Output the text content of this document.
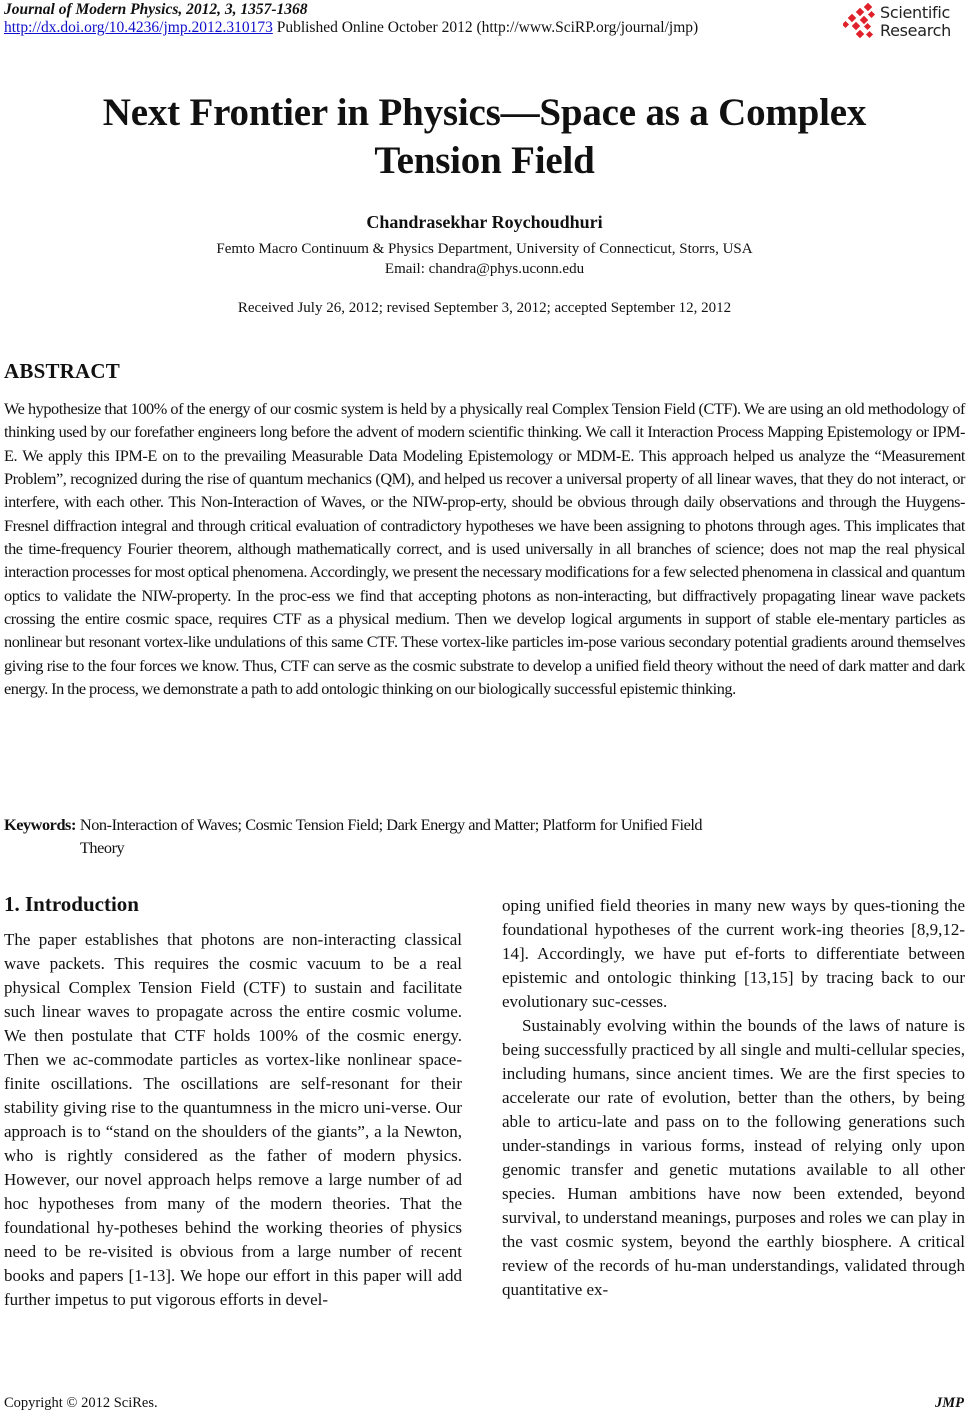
Journal of Modern Physics, 2012, 3, 1357-1368
http://dx.doi.org/10.4236/jmp.2012.310173 Published Online October 2012 (http://www.SciRP.org/journal/jmp)
Scientific
Research
Next Frontier in Physics—Space as a Complex
Tension Field
Chandrasekhar Roychoudhuri
Femto Macro Continuum & Physics Department, University of Connecticut, Storrs, USA
Email: chandra@phys.uconn.edu
Received July 26, 2012; revised September 3, 2012; accepted September 12, 2012
ABSTRACT
We hypothesize that 100% of the energy of our cosmic system is held by a physically real Complex Tension Field (CTF). We are using an old methodology of thinking used by our forefather engineers long before the advent of modern scientific thinking. We call it Interaction Process Mapping Epistemology or IPM-E. We apply this IPM-E on to the prevailing Measurable Data Modeling Epistemology or MDM-E. This approach helped us analyze the “Measurement Problem”, recognized during the rise of quantum mechanics (QM), and helped us recover a universal property of all linear waves, that they do not interact, or interfere, with each other. This Non-Interaction of Waves, or the NIW-prop-erty, should be obvious through daily observations and through the Huygens-Fresnel diffraction integral and through critical evaluation of contradictory hypotheses we have been assigning to photons through ages. This implicates that the time-frequency Fourier theorem, although mathematically correct, and is used universally in all branches of science; does not map the real physical interaction processes for most optical phenomena. Accordingly, we present the necessary modifications for a few selected phenomena in classical and quantum optics to validate the NIW-property. In the proc-ess we find that accepting photons as non-interacting, but diffractively propagating linear wave packets crossing the entire cosmic space, requires CTF as a physical medium. Then we develop logical arguments in support of stable ele-mentary particles as nonlinear but resonant vortex-like undulations of this same CTF. These vortex-like particles im-pose various secondary potential gradients around themselves giving rise to the four forces we know. Thus, CTF can serve as the cosmic substrate to develop a unified field theory without the need of dark matter and dark energy. In the process, we demonstrate a path to add ontologic thinking on our biologically successful epistemic thinking.
Keywords: Non-Interaction of Waves; Cosmic Tension Field; Dark Energy and Matter; Platform for Unified Field
Theory
1. Introduction

The paper establishes that photons are non-interacting classical wave packets. This requires the cosmic vacuum to be a real physical Complex Tension Field (CTF) to sustain and facilitate such linear waves to propagate across the entire cosmic volume. We then postulate that CTF holds 100% of the cosmic energy. Then we ac-commodate particles as vortex-like nonlinear space-finite oscillations. The oscillations are self-resonant for their stability giving rise to the quantumness in the micro uni-verse. Our approach is to “stand on the shoulders of the giants”, a la Newton, who is rightly considered as the father of modern physics. However, our novel approach helps remove a large number of ad hoc hypotheses from many of the modern theories. That the foundational hy-potheses behind the working theories of physics need to be re-visited is obvious from a large number of recent books and papers [1-13]. We hope our effort in this paper will add further impetus to put vigorous efforts in devel-

oping unified field theories in many new ways by ques-tioning the foundational hypotheses of the current work-ing theories [8,9,12-14]. Accordingly, we have put ef-forts to differentiate between epistemic and ontologic thinking [13,15] by tracing back to our evolutionary suc-cesses.

Sustainably evolving within the bounds of the laws of nature is being successfully practiced by all single and multi-cellular species, including humans, since ancient times. We are the first species to accelerate our rate of evolution, better than the others, by being able to articu-late and pass on to the following generations such under-standings in various forms, instead of relying only upon genomic transfer and genetic mutations available to all other species. Human ambitions have now been extended, beyond survival, to understand meanings, purposes and roles we can play in the vast cosmic system, beyond the earthly biosphere. A critical review of the records of hu-man understandings, validated through quantitative ex-

Copyright © 2012 SciRes.	JMP
